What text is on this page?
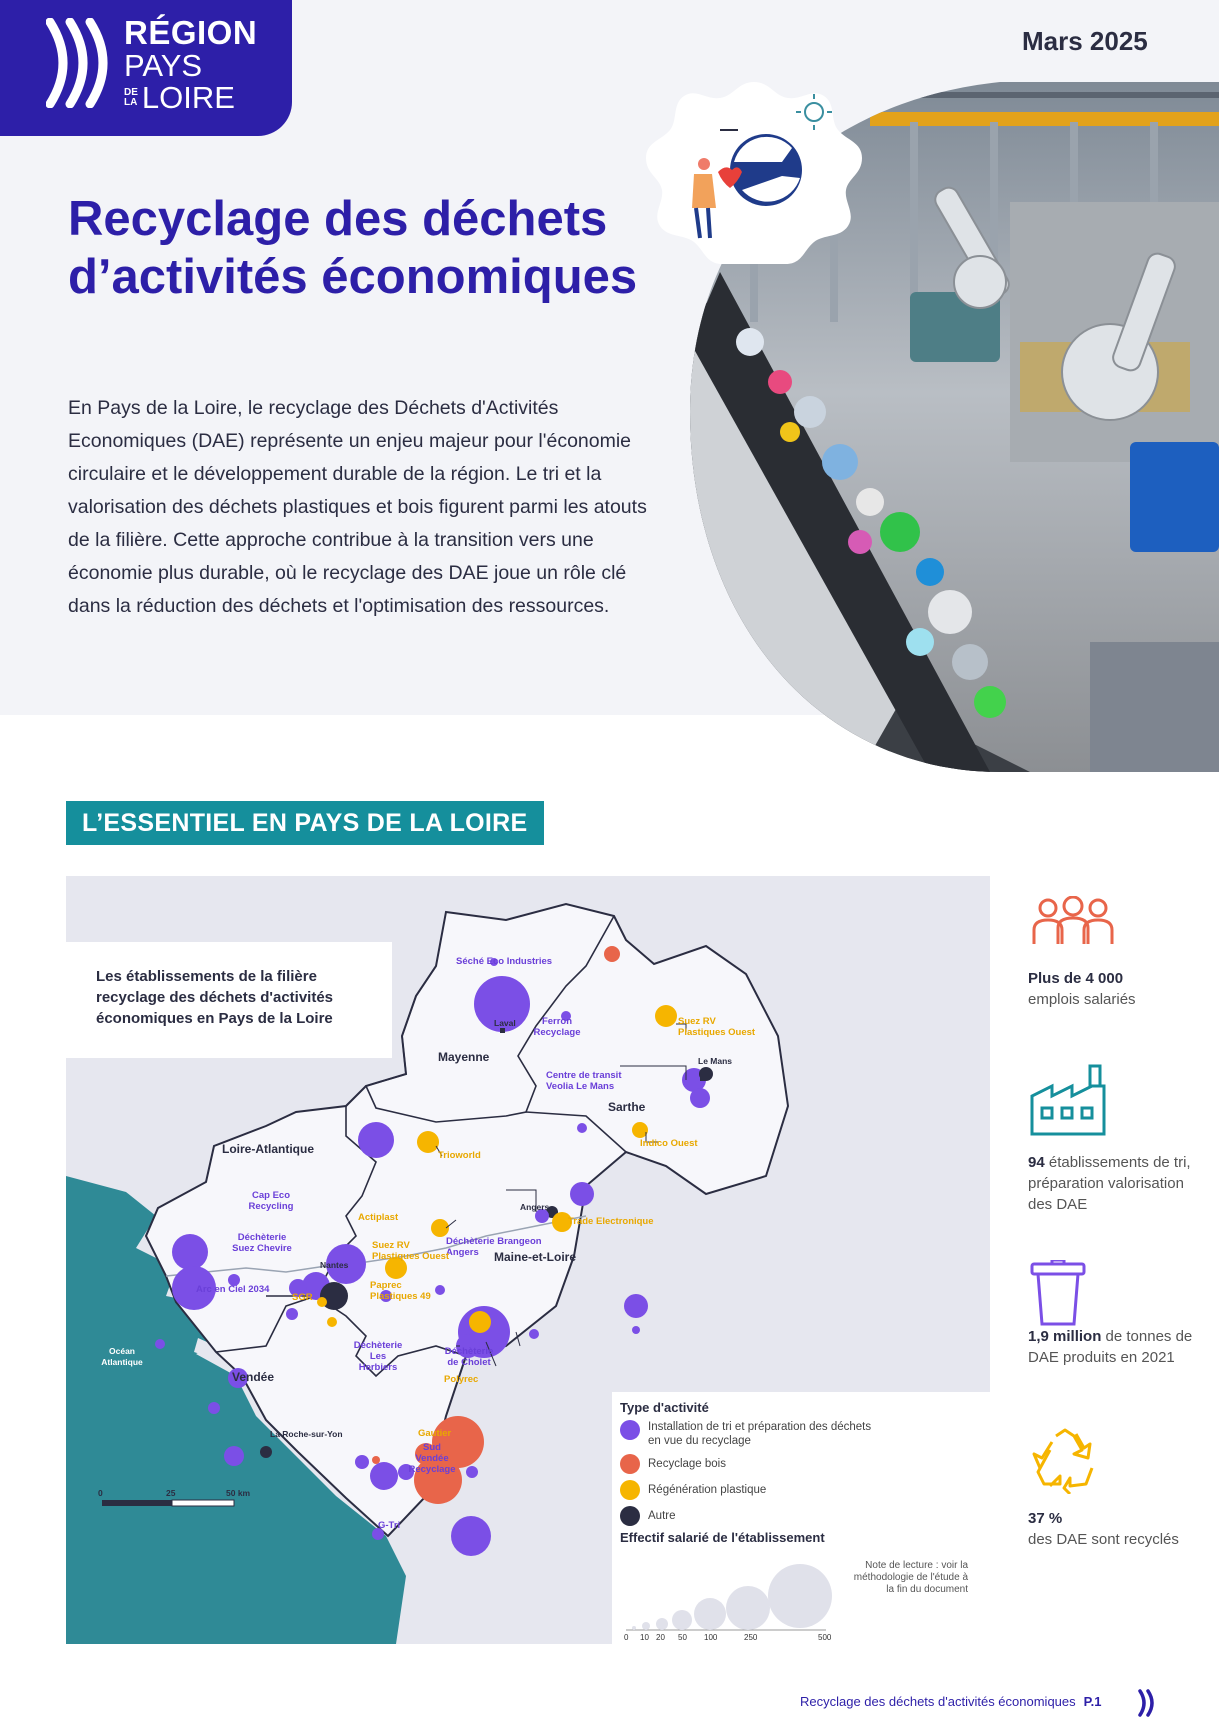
RÉGION
PAYS
DE
LA LOIRE
Mars 2025
Recyclage des déchets d’activités économiques
En Pays de la Loire, le recyclage des Déchets d'Activités Economiques (DAE) représente un enjeu majeur pour l'économie circulaire et le développement durable de la région. Le tri et la valorisation des déchets plastiques et bois figurent parmi les atouts de la filière. Cette approche contribue à la transition vers une économie plus durable, où le recyclage des DAE joue un rôle clé dans la réduction des déchets et l'optimisation des ressources.
L’ESSENTIEL EN PAYS DE LA LOIRE
Les établissements de la filière recyclage des déchets d'activités économiques en Pays de la Loire
Mayenne
Sarthe
Loire-Atlantique
Maine-et-Loire
Vendée
Océan Atlantique
Séché Eco Industries
Laval	Ferron Recyclage
Suez RV Plastiques Ouest
Le Mans
Centre de transit Veolia Le Mans
Indico Ouest
Trioworld
Cap Eco Recycling
Actiplast
Angers
Trade Electronique
Déchèterie Brangeon Angers
Déchèterie Suez Chevire
Nantes
Suez RV Plastiques Ouest
Arc en Ciel 2034
SGR
Paprec Plastiques 49
Déchèterie Les Herbiers
Déchèterie de Cholet
Polyrec
La Roche-sur-Yon	Gautier
Sud Vendée Recyclage
G-Tri
0	25	50 km
Type d'activité
Installation de tri et préparation des déchets en vue du recyclage
Recyclage bois
Régénération plastique
Autre
Effectif salarié de l'établissement
0 10 20 50 100	250	500
Note de lecture : voir la méthodologie de l'étude à la fin du document
Plus de 4 000
emplois salariés
94 établissements de tri, préparation valorisation des DAE
1,9 million de tonnes de DAE produits en 2021
37 %
des DAE sont recyclés
Recyclage des déchets d'activités économiques P.1
